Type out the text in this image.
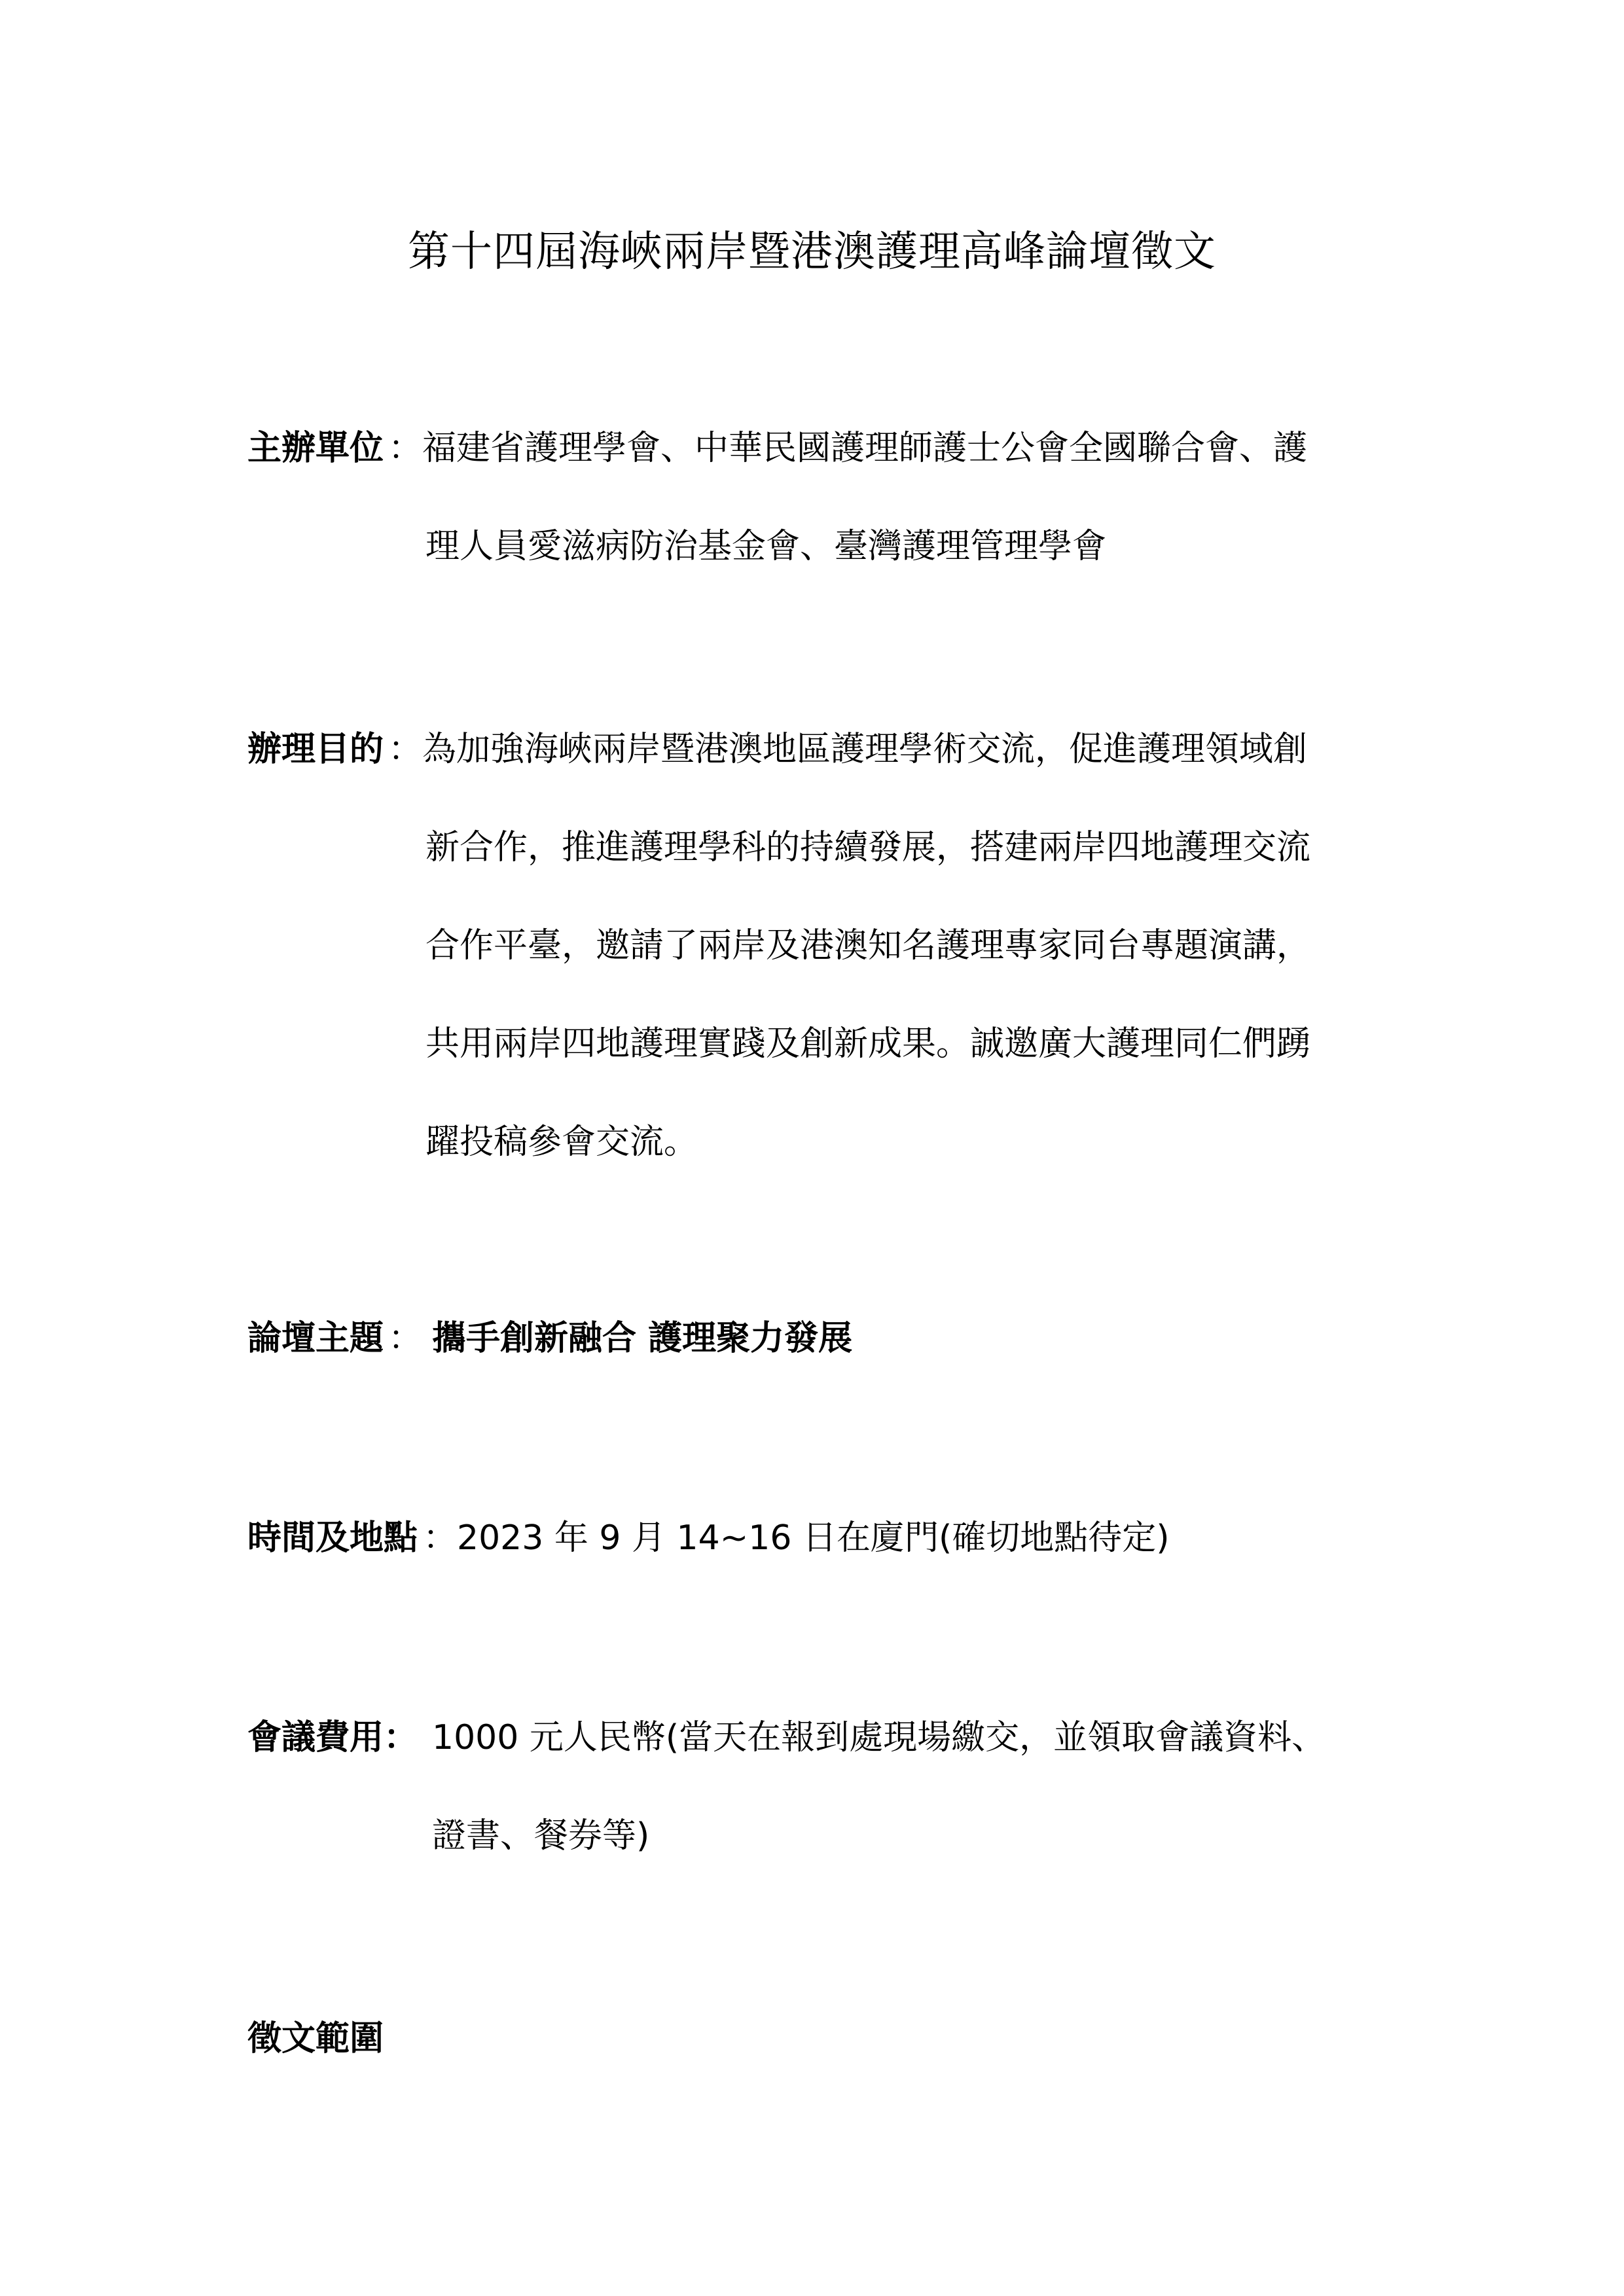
第十四屆海峽兩岸暨港澳護理高峰論壇徵文
主辦單位 ：福建省護理學會、中華民國護理師護士公會全國聯合會、護
理人員愛滋病防治基金會、臺灣護理管理學會
辦理目的 ：為加強海峽兩岸暨港澳地區護理學術交流，促進護理領域創
新合作，推進護理學科的持續發展，搭建兩岸四地護理交流
合作平臺，邀請了兩岸及港澳知名護理專家同台專題演講，
共用兩岸四地護理實踐及創新成果。誠邀廣大護理同仁們踴
躍投稿參會交流。
論壇主題 ： 攜手創新融合 護理聚力發展
時間及地點 ：2023 年 9 月 14~16 日在廈門(確切地點待定)
會議費用： 1000 元人民幣(當天在報到處現場繳交，並領取會議資料、
證書、餐券等)
徵文範圍
